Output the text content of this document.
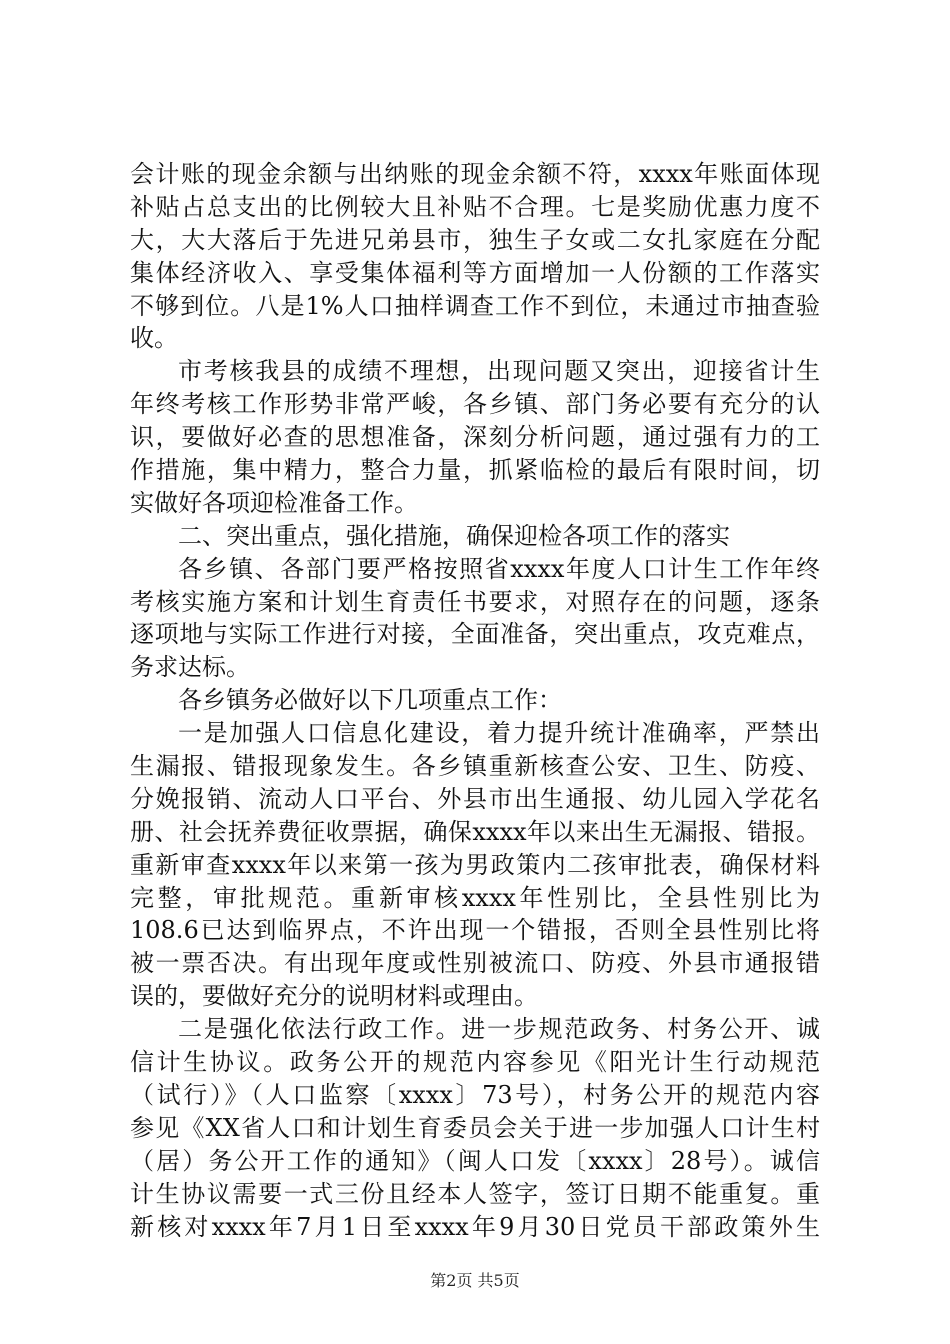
会计账的现金余额与出纳账的现金余额不符，xxxx年账面体现
补贴占总支出的比例较大且补贴不合理。七是奖励优惠力度不
大，大大落后于先进兄弟县市，独生子女或二女扎家庭在分配
集体经济收入、享受集体福利等方面增加一人份额的工作落实
不够到位。八是1%人口抽样调查工作不到位，未通过市抽查验
收。
市考核我县的成绩不理想，出现问题又突出，迎接省计生
年终考核工作形势非常严峻，各乡镇、部门务必要有充分的认
识，要做好必查的思想准备，深刻分析问题，通过强有力的工
作措施，集中精力，整合力量，抓紧临检的最后有限时间，切
实做好各项迎检准备工作。
二、突出重点，强化措施，确保迎检各项工作的落实
各乡镇、各部门要严格按照省xxxx年度人口计生工作年终
考核实施方案和计划生育责任书要求，对照存在的问题，逐条
逐项地与实际工作进行对接，全面准备，突出重点，攻克难点，
务求达标。
各乡镇务必做好以下几项重点工作：
一是加强人口信息化建设，着力提升统计准确率，严禁出
生漏报、错报现象发生。各乡镇重新核查公安、卫生、防疫、
分娩报销、流动人口平台、外县市出生通报、幼儿园入学花名
册、社会抚养费征收票据，确保xxxx年以来出生无漏报、错报。
重新审查xxxx年以来第一孩为男政策内二孩审批表，确保材料
完整，审批规范。重新审核xxxx年性别比，全县性别比为
108.6已达到临界点，不许出现一个错报，否则全县性别比将
被一票否决。有出现年度或性别被流口、防疫、外县市通报错
误的，要做好充分的说明材料或理由。
二是强化依法行政工作。进一步规范政务、村务公开、诚
信计生协议。政务公开的规范内容参见《阳光计生行动规范
（试行）》（人口监察〔xxxx〕73号），村务公开的规范内容
参见《XX省人口和计划生育委员会关于进一步加强人口计生村
（居）务公开工作的通知》（闽人口发〔xxxx〕28号）。诚信
计生协议需要一式三份且经本人签字，签订日期不能重复。重
新核对xxxx年7月1日至xxxx年9月30日党员干部政策外生
第2页 共5页
